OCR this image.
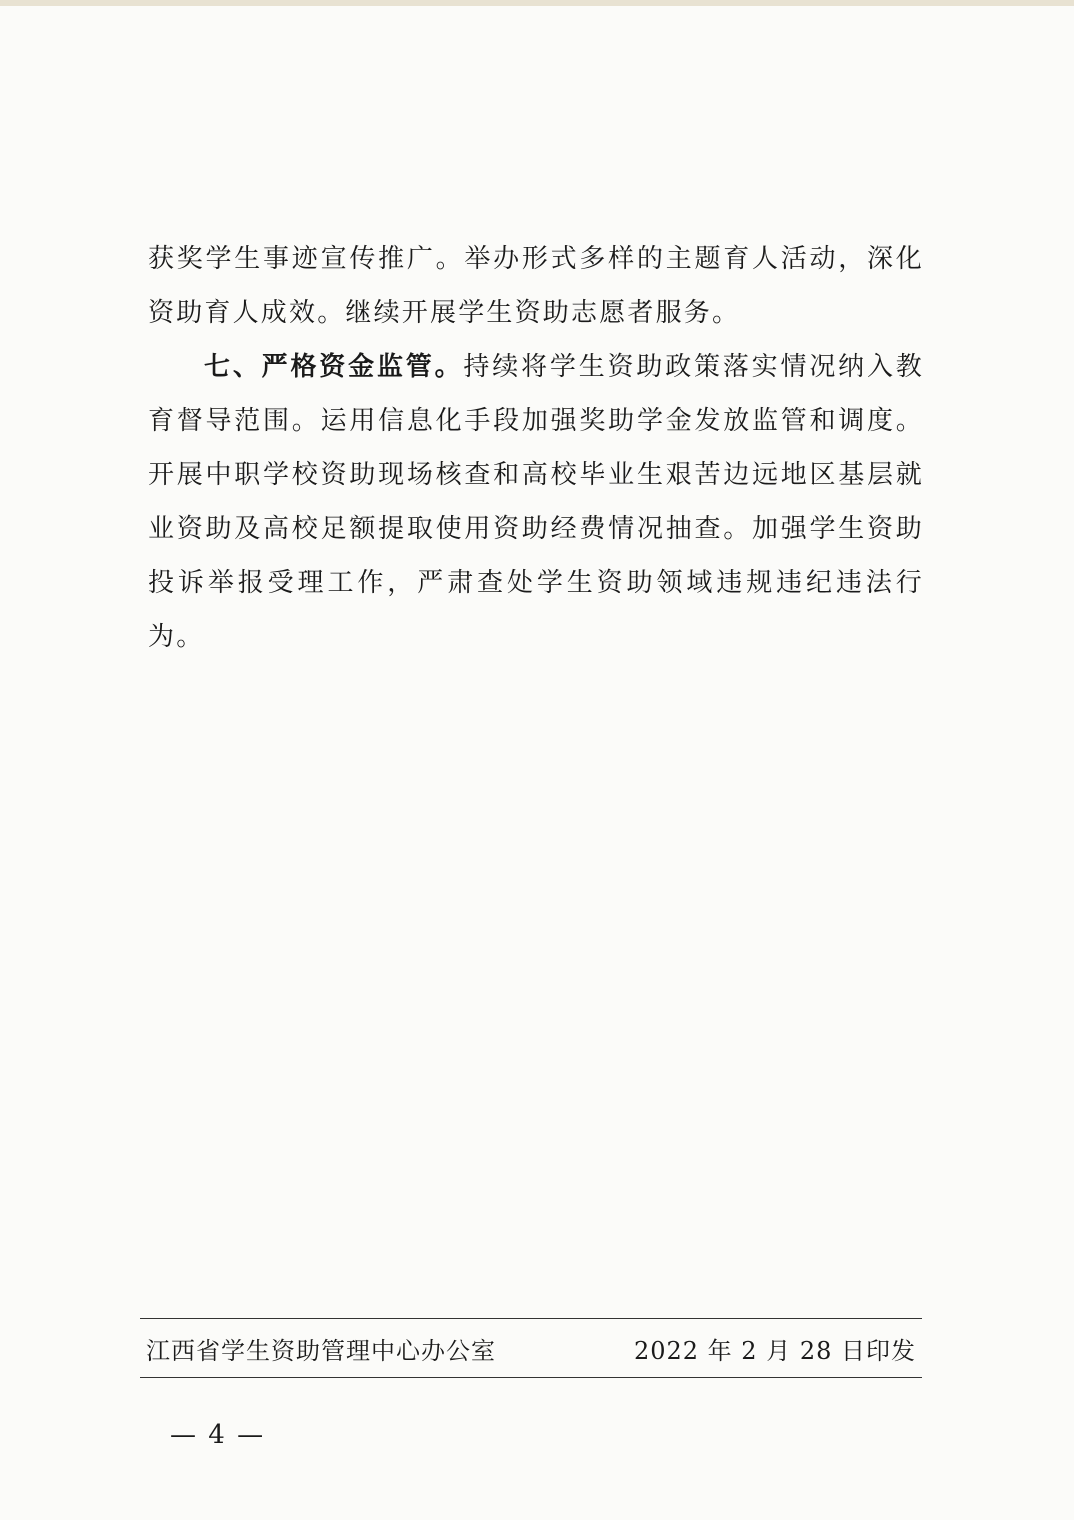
获奖学生事迹宣传推广。举办形式多样的主题育人活动，深化资助育人成效。继续开展学生资助志愿者服务。

七、严格资金监管。持续将学生资助政策落实情况纳入教育督导范围。运用信息化手段加强奖助学金发放监管和调度。开展中职学校资助现场核查和高校毕业生艰苦边远地区基层就业资助及高校足额提取使用资助经费情况抽查。加强学生资助投诉举报受理工作，严肃查处学生资助领域违规违纪违法行为。

江西省学生资助管理中心办公室	2022 年 2 月 28 日印发
— 4 —
